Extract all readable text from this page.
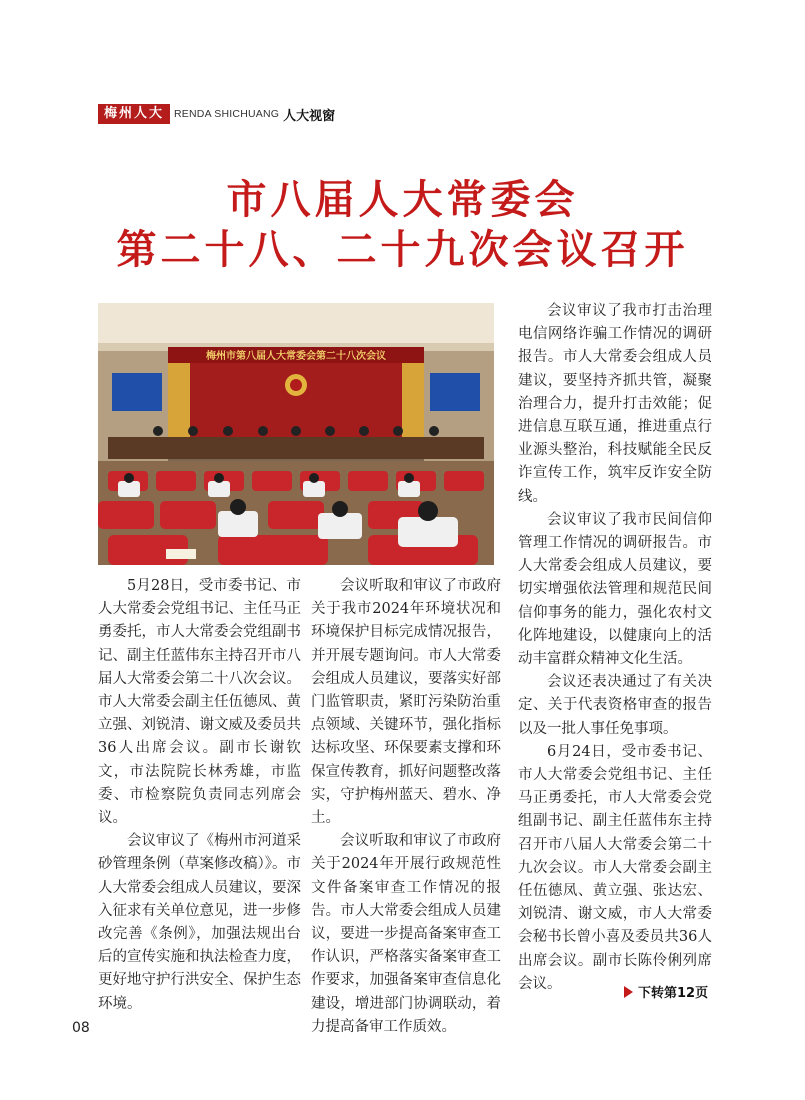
梅州人大 RENDA SHICHUANG 人大视窗
市八届人大常委会
第二十八、二十九次会议召开
梅州市第八届人大常委会第二十八次会议

5月28日，受市委书记、市人大常委会党组书记、主任马正勇委托，市人大常委会党组副书记、副主任蓝伟东主持召开市八届人大常委会第二十八次会议。市人大常委会副主任伍德凤、黄立强、刘锐清、谢文威及委员共36人出席会议。副市长谢钦文，市法院院长林秀雄，市监委、市检察院负责同志列席会议。

会议审议了《梅州市河道采砂管理条例（草案修改稿）》。市人大常委会组成人员建议，要深入征求有关单位意见，进一步修改完善《条例》，加强法规出台后的宣传实施和执法检查力度，更好地守护行洪安全、保护生态环境。

会议听取和审议了市政府关于我市2024年环境状况和环境保护目标完成情况报告，并开展专题询问。市人大常委会组成人员建议，要落实好部门监管职责，紧盯污染防治重点领域、关键环节，强化指标达标攻坚、环保要素支撑和环保宣传教育，抓好问题整改落实，守护梅州蓝天、碧水、净土。

会议听取和审议了市政府关于2024年开展行政规范性文件备案审查工作情况的报告。市人大常委会组成人员建议，要进一步提高备案审查工作认识，严格落实备案审查工作要求，加强备案审查信息化建设，增进部门协调联动，着力提高备审工作质效。

会议审议了我市打击治理电信网络诈骗工作情况的调研报告。市人大常委会组成人员建议，要坚持齐抓共管，凝聚治理合力，提升打击效能；促进信息互联互通，推进重点行业源头整治，科技赋能全民反诈宣传工作，筑牢反诈安全防线。

会议审议了我市民间信仰管理工作情况的调研报告。市人大常委会组成人员建议，要切实增强依法管理和规范民间信仰事务的能力，强化农村文化阵地建设，以健康向上的活动丰富群众精神文化生活。

会议还表决通过了有关决定、关于代表资格审查的报告以及一批人事任免事项。

6月24日，受市委书记、市人大常委会党组书记、主任马正勇委托，市人大常委会党组副书记、副主任蓝伟东主持召开市八届人大常委会第二十九次会议。市人大常委会副主任伍德凤、黄立强、张达宏、刘锐清、谢文威，市人大常委会秘书长曾小喜及委员共36人出席会议。副市长陈伶俐列席会议。

下转第12页
08
